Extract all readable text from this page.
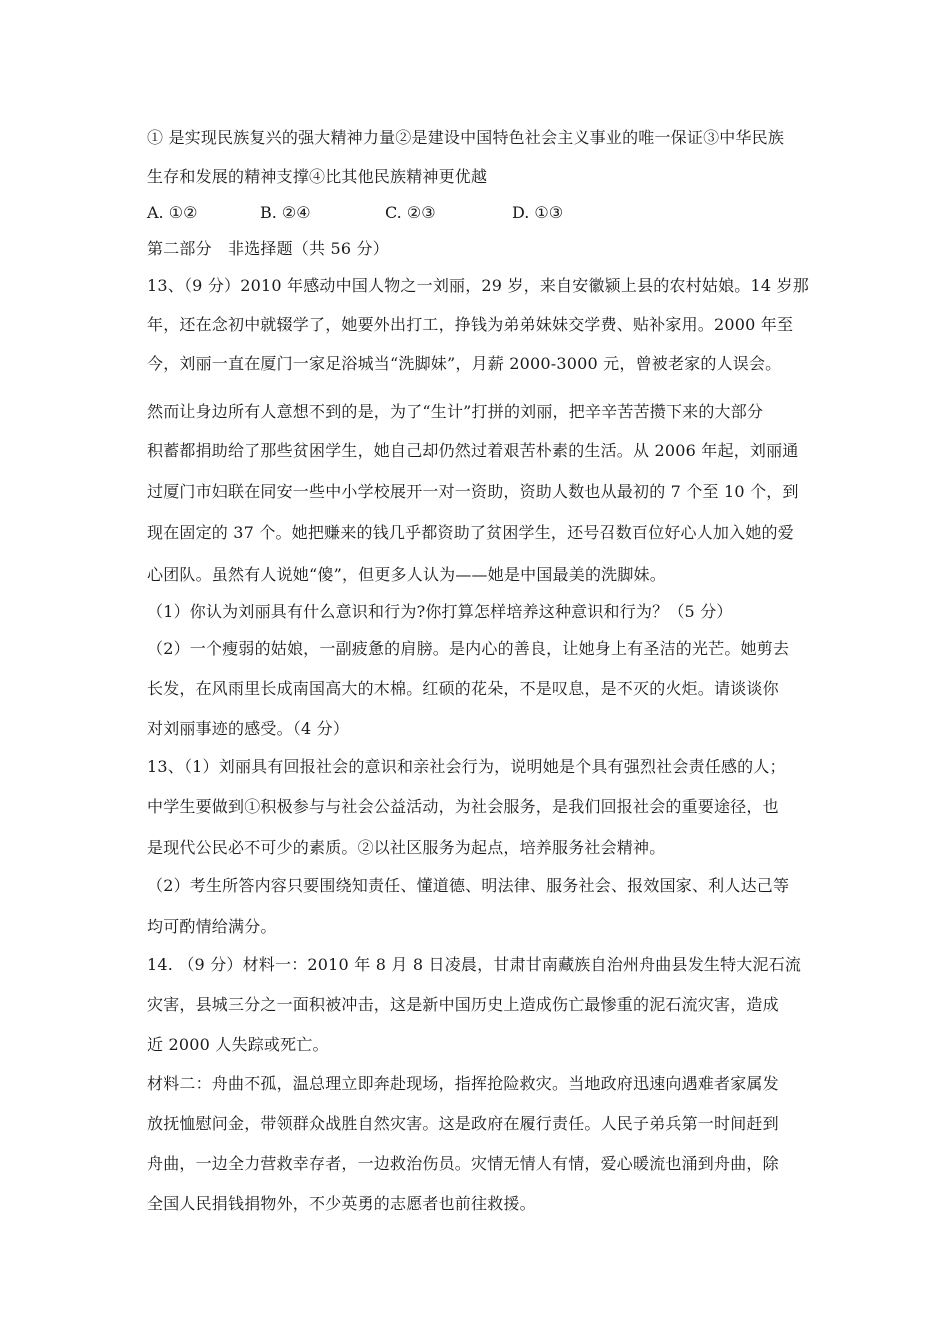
① 是实现民族复兴的强大精神力量②是建设中国特色社会主义事业的唯一保证③中华民族
生存和发展的精神支撑④比其他民族精神更优越
A. ①②	B. ②④	C. ②③	D. ①③
第二部分　非选择题（共 56 分）
13、（9 分）2010 年感动中国人物之一刘丽，29 岁，来自安徽颍上县的农村姑娘。14 岁那
年，还在念初中就辍学了，她要外出打工，挣钱为弟弟妹妹交学费、贴补家用。2000 年至
今，刘丽一直在厦门一家足浴城当“洗脚妹”，月薪 2000-3000 元，曾被老家的人误会。
然而让身边所有人意想不到的是，为了“生计”打拼的刘丽，把辛辛苦苦攒下来的大部分
积蓄都捐助给了那些贫困学生，她自己却仍然过着艰苦朴素的生活。从 2006 年起，刘丽通
过厦门市妇联在同安一些中小学校展开一对一资助，资助人数也从最初的 7 个至 10 个，到
现在固定的 37 个。她把赚来的钱几乎都资助了贫困学生，还号召数百位好心人加入她的爱
心团队。虽然有人说她“傻”，但更多人认为——她是中国最美的洗脚妹。
（1）你认为刘丽具有什么意识和行为?你打算怎样培养这种意识和行为？（5 分）
（2）一个瘦弱的姑娘，一副疲惫的肩膀。是内心的善良，让她身上有圣洁的光芒。她剪去
长发，在风雨里长成南国高大的木棉。红硕的花朵，不是叹息，是不灭的火炬。请谈谈你
对刘丽事迹的感受。（4 分）
13、（1）刘丽具有回报社会的意识和亲社会行为，说明她是个具有强烈社会责任感的人；
中学生要做到①积极参与与社会公益活动，为社会服务，是我们回报社会的重要途径，也
是现代公民必不可少的素质。②以社区服务为起点，培养服务社会精神。
（2）考生所答内容只要围绕知责任、懂道德、明法律、服务社会、报效国家、利人达己等
均可酌情给满分。
14. （9 分）材料一：2010 年 8 月 8 日凌晨，甘肃甘南藏族自治州舟曲县发生特大泥石流
灾害，县城三分之一面积被冲击，这是新中国历史上造成伤亡最惨重的泥石流灾害，造成
近 2000 人失踪或死亡。
材料二：舟曲不孤，温总理立即奔赴现场，指挥抢险救灾。当地政府迅速向遇难者家属发
放抚恤慰问金，带领群众战胜自然灾害。这是政府在履行责任。人民子弟兵第一时间赶到
舟曲，一边全力营救幸存者，一边救治伤员。灾情无情人有情，爱心暖流也涌到舟曲，除
全国人民捐钱捐物外，不少英勇的志愿者也前往救援。
